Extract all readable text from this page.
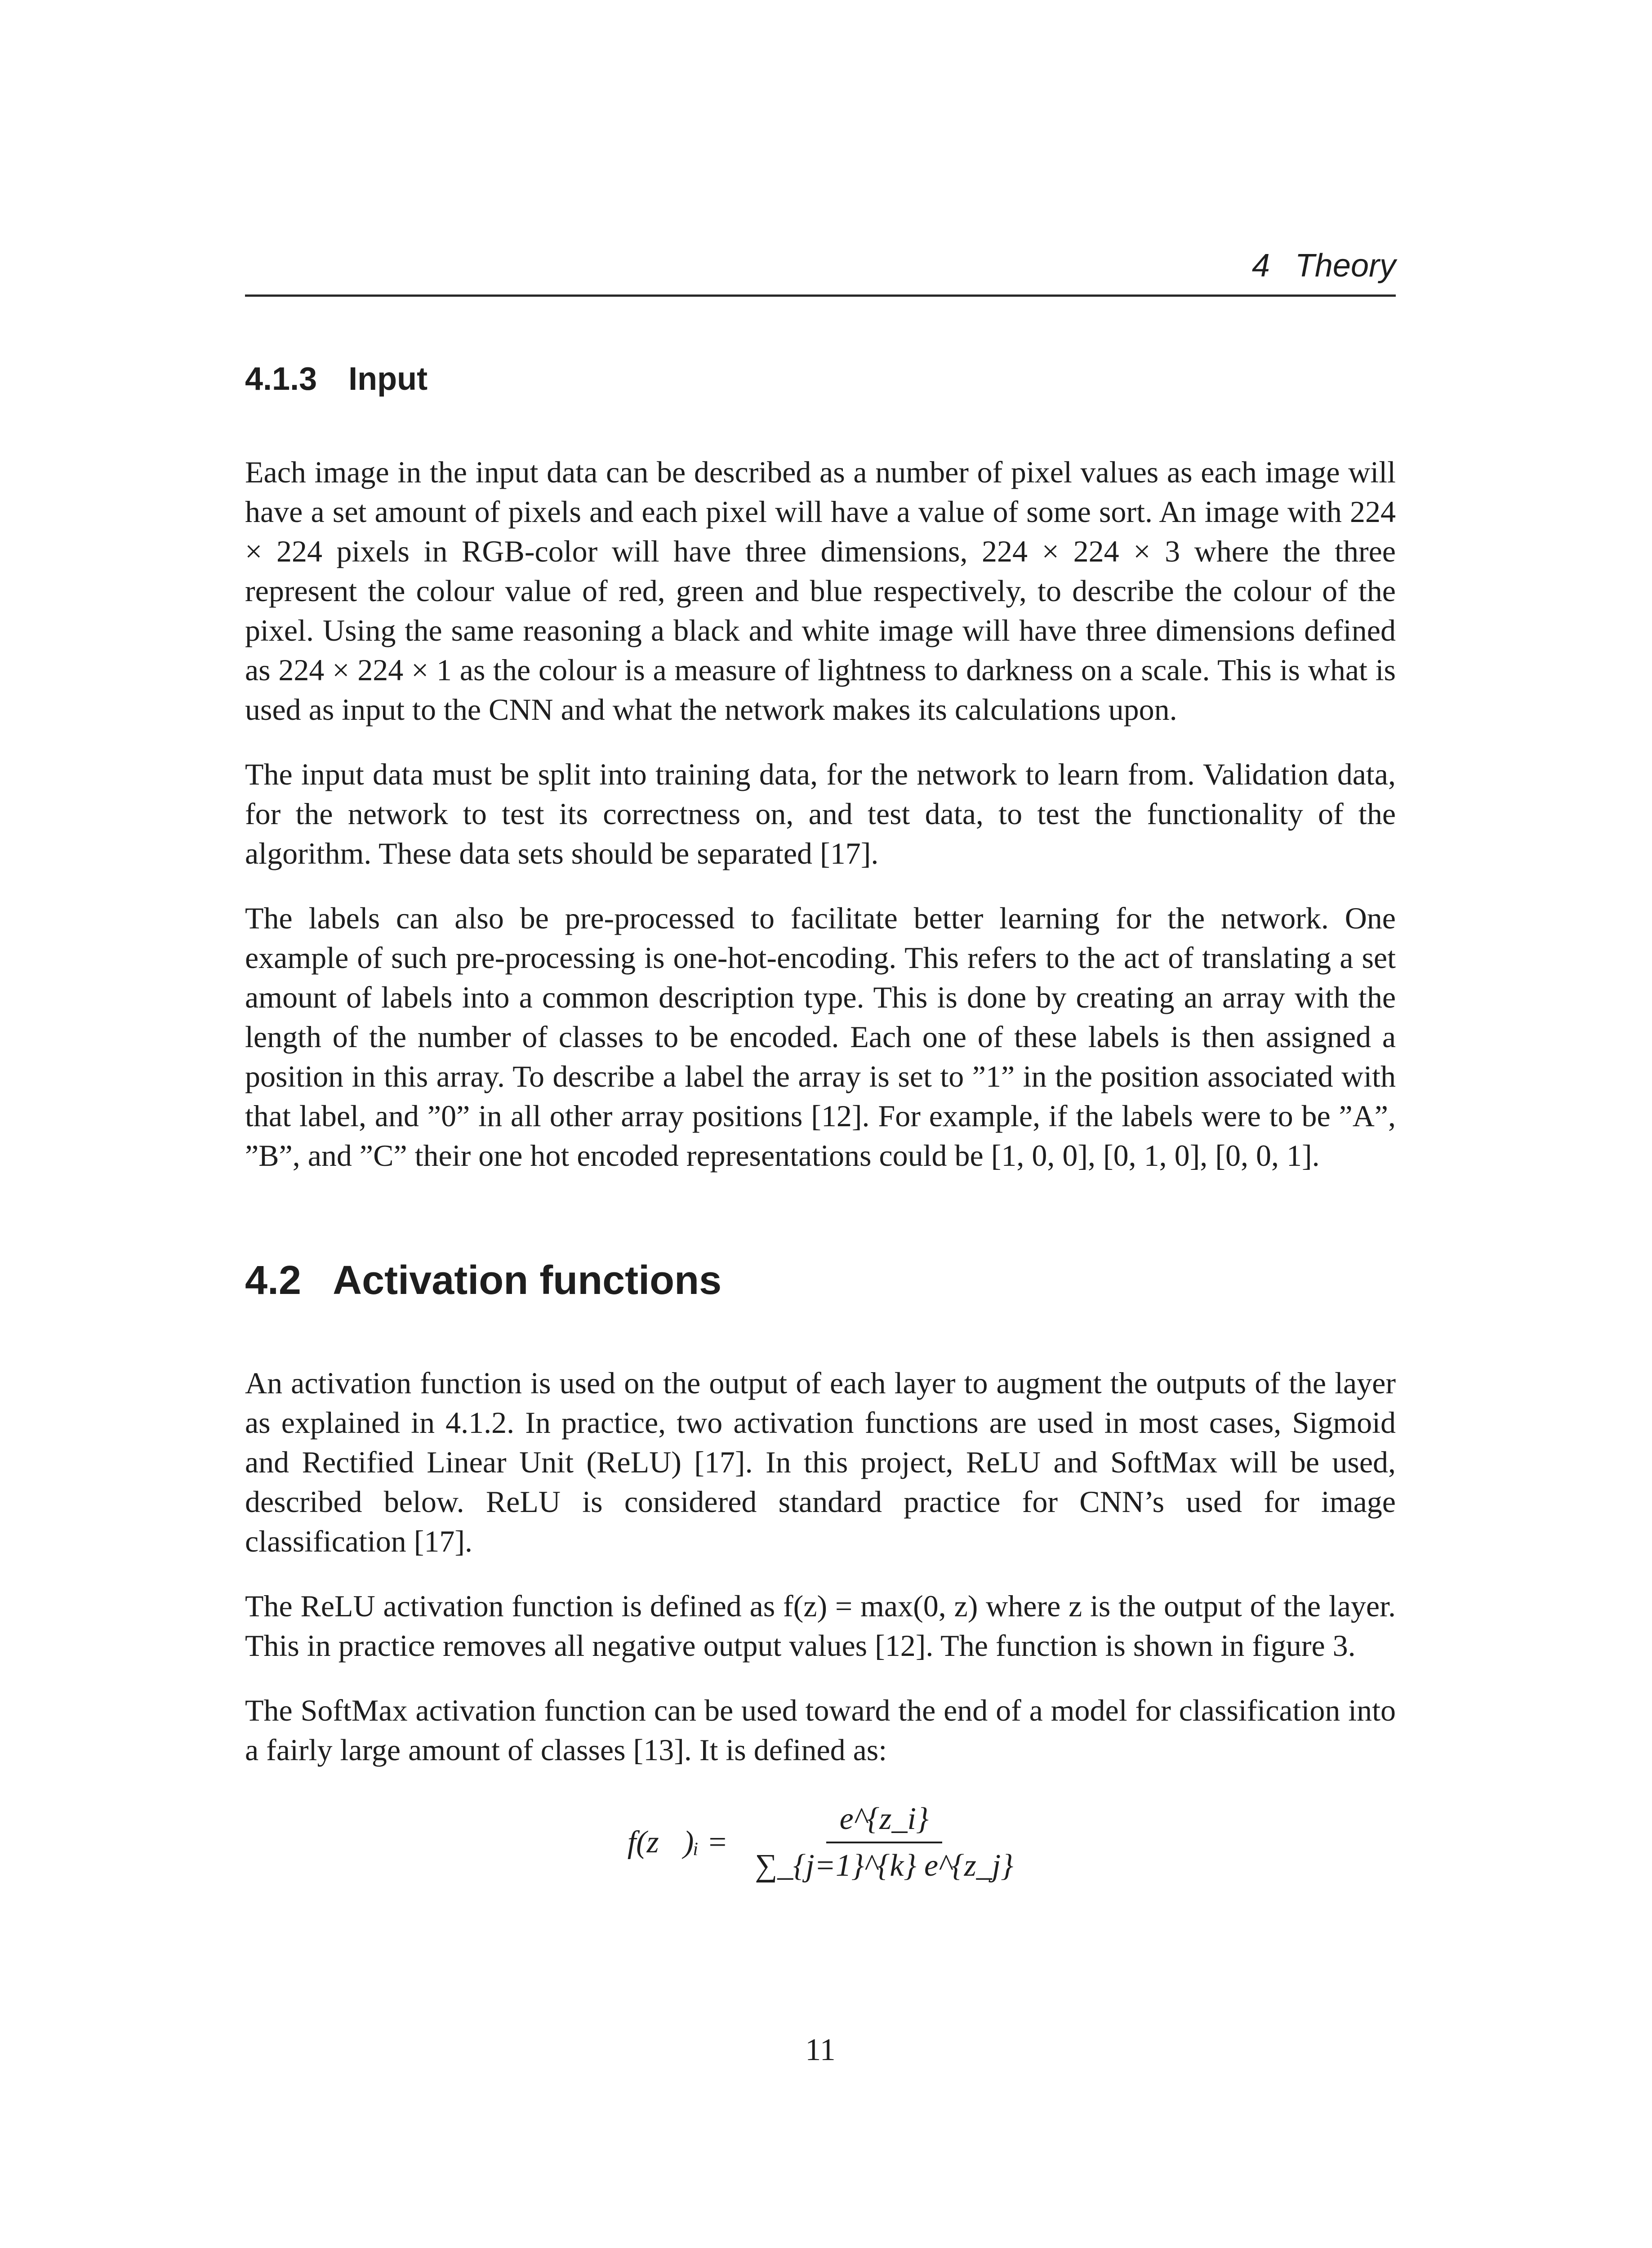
4 Theory
4.1.3 Input

Each image in the input data can be described as a number of pixel values as each image will have a set amount of pixels and each pixel will have a value of some sort. An image with 224 × 224 pixels in RGB-color will have three dimensions, 224 × 224 × 3 where the three represent the colour value of red, green and blue respectively, to describe the colour of the pixel. Using the same reasoning a black and white image will have three dimensions defined as 224 × 224 × 1 as the colour is a measure of lightness to darkness on a scale. This is what is used as input to the CNN and what the network makes its calculations upon.

The input data must be split into training data, for the network to learn from. Validation data, for the network to test its correctness on, and test data, to test the functionality of the algorithm. These data sets should be separated [17].

The labels can also be pre-processed to facilitate better learning for the network. One example of such pre-processing is one-hot-encoding. This refers to the act of translating a set amount of labels into a common description type. This is done by creating an array with the length of the number of classes to be encoded. Each one of these labels is then assigned a position in this array. To describe a label the array is set to ”1” in the position associated with that label, and ”0” in all other array positions [12]. For example, if the labels were to be ”A”, ”B”, and ”C” their one hot encoded representations could be [1, 0, 0], [0, 1, 0], [0, 0, 1].

4.2 Activation functions

An activation function is used on the output of each layer to augment the outputs of the layer as explained in 4.1.2. In practice, two activation functions are used in most cases, Sigmoid and Rectified Linear Unit (ReLU) [17]. In this project, ReLU and SoftMax will be used, described below. ReLU is considered standard practice for CNN’s used for image classification [17].

The ReLU activation function is defined as f(z) = max(0, z) where z is the output of the layer. This in practice removes all negative output values [12]. The function is shown in figure 3.

The SoftMax activation function can be used toward the end of a model for classification into a fairly large amount of classes [13]. It is defined as:

f(z⃗)ᵢ = $\frac{e\^{}\{z\_i\}}{\sum\_\{j=1\}\^{}\{k\} e\^{}\{z\_j\}}$
11
